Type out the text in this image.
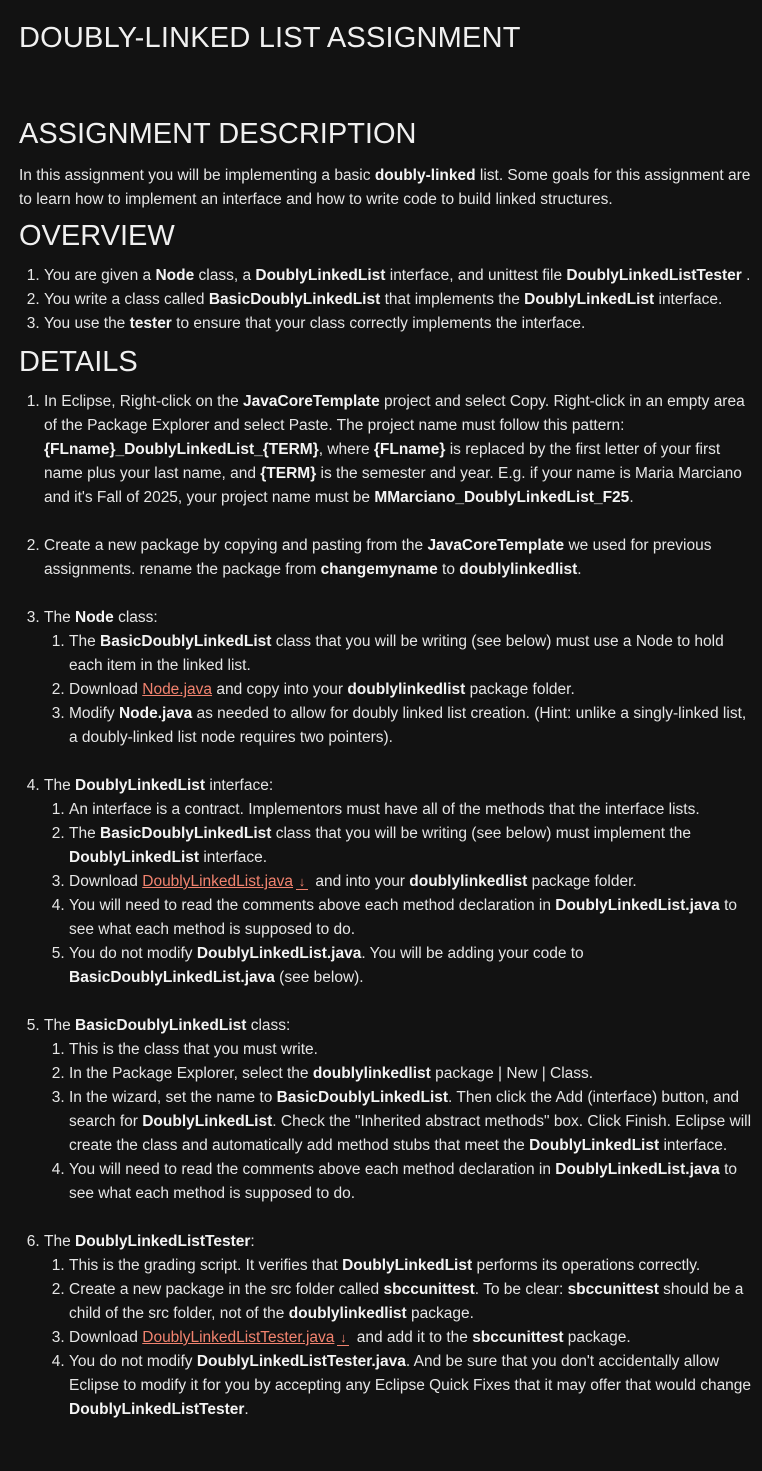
DOUBLY-LINKED LIST ASSIGNMENT
ASSIGNMENT DESCRIPTION

In this assignment you will be implementing a basic doubly-linked list. Some goals for this assignment are to learn how to implement an interface and how to write code to build linked structures.

OVERVIEW
1. You are given a Node class, a DoublyLinkedList interface, and unittest file DoublyLinkedListTester .
2. You write a class called BasicDoublyLinkedList that implements the DoublyLinkedList interface.
3. You use the tester to ensure that your class correctly implements the interface.
DETAILS
1. In Eclipse, Right-click on the JavaCoreTemplate project and select Copy. Right-click in an empty area of the Package Explorer and select Paste. The project name must follow this pattern: {FLname}_DoublyLinkedList_{TERM}, where {FLname} is replaced by the first letter of your first name plus your last name, and {TERM} is the semester and year. E.g. if your name is Maria Marciano and it's Fall of 2025, your project name must be MMarciano_DoublyLinkedList_F25.
2. Create a new package by copying and pasting from the JavaCoreTemplate we used for previous assignments. rename the package from changemyname to doublylinkedlist.
3. The Node class:
1. The BasicDoublyLinkedList class that you will be writing (see below) must use a Node to hold each item in the linked list.
2. Download Node.java and copy into your doublylinkedlist package folder.
3. Modify Node.java as needed to allow for doubly linked list creation. (Hint: unlike a singly-linked list, a doubly-linked list node requires two pointers).
4. The DoublyLinkedList interface:
1. An interface is a contract. Implementors must have all of the methods that the interface lists.
2. The BasicDoublyLinkedList class that you will be writing (see below) must implement the DoublyLinkedList interface.
3. Download DoublyLinkedList.java ↓ and into your doublylinkedlist package folder.
4. You will need to read the comments above each method declaration in DoublyLinkedList.java to see what each method is supposed to do.
5. You do not modify DoublyLinkedList.java. You will be adding your code to BasicDoublyLinkedList.java (see below).
5. The BasicDoublyLinkedList class:
1. This is the class that you must write.
2. In the Package Explorer, select the doublylinkedlist package | New | Class.
3. In the wizard, set the name to BasicDoublyLinkedList. Then click the Add (interface) button, and search for DoublyLinkedList. Check the "Inherited abstract methods" box. Click Finish. Eclipse will create the class and automatically add method stubs that meet the DoublyLinkedList interface.
4. You will need to read the comments above each method declaration in DoublyLinkedList.java to see what each method is supposed to do.
6. The DoublyLinkedListTester:
1. This is the grading script. It verifies that DoublyLinkedList performs its operations correctly.
2. Create a new package in the src folder called sbccunittest. To be clear: sbccunittest should be a child of the src folder, not of the doublylinkedlist package.
3. Download DoublyLinkedListTester.java ↓ and add it to the sbccunittest package.
4. You do not modify DoublyLinkedListTester.java. And be sure that you don't accidentally allow Eclipse to modify it for you by accepting any Eclipse Quick Fixes that it may offer that would change DoublyLinkedListTester.
